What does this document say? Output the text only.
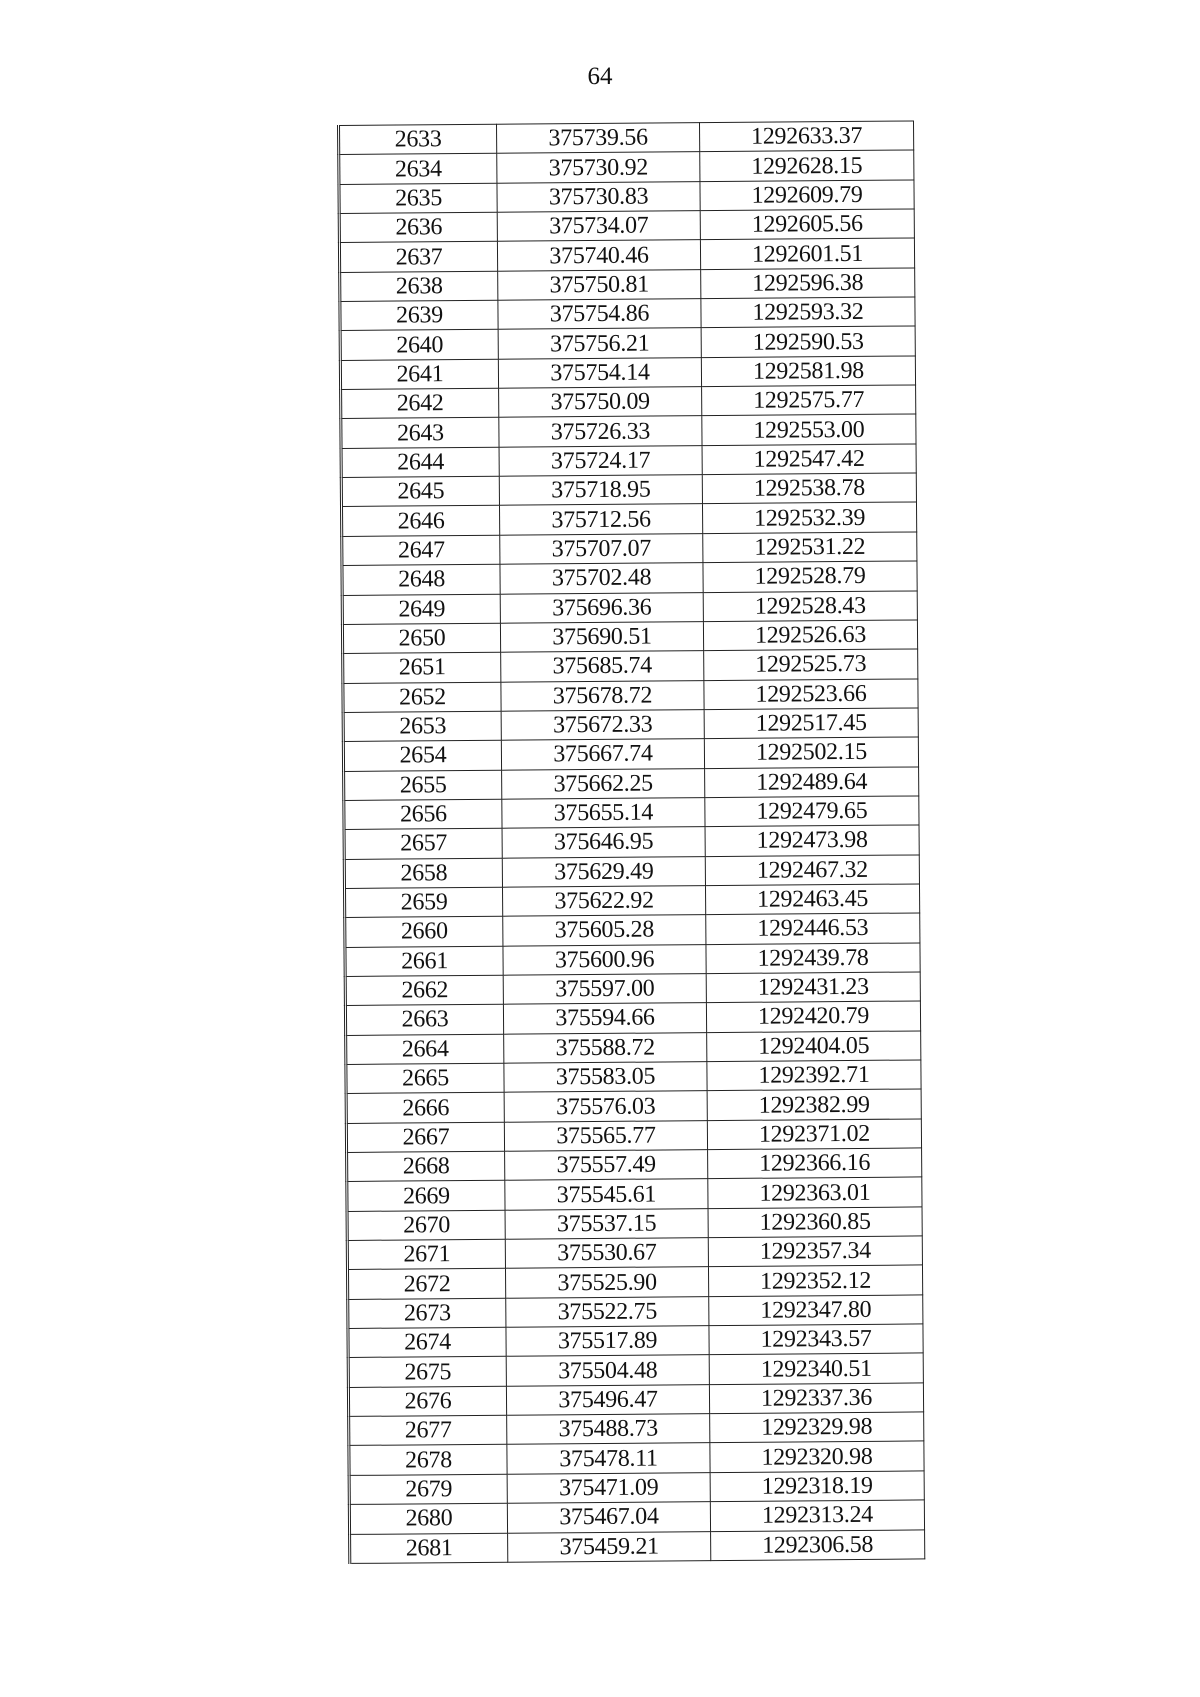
64
2633	375739.56	1292633.37
2634	375730.92	1292628.15
2635	375730.83	1292609.79
2636	375734.07	1292605.56
2637	375740.46	1292601.51
2638	375750.81	1292596.38
2639	375754.86	1292593.32
2640	375756.21	1292590.53
2641	375754.14	1292581.98
2642	375750.09	1292575.77
2643	375726.33	1292553.00
2644	375724.17	1292547.42
2645	375718.95	1292538.78
2646	375712.56	1292532.39
2647	375707.07	1292531.22
2648	375702.48	1292528.79
2649	375696.36	1292528.43
2650	375690.51	1292526.63
2651	375685.74	1292525.73
2652	375678.72	1292523.66
2653	375672.33	1292517.45
2654	375667.74	1292502.15
2655	375662.25	1292489.64
2656	375655.14	1292479.65
2657	375646.95	1292473.98
2658	375629.49	1292467.32
2659	375622.92	1292463.45
2660	375605.28	1292446.53
2661	375600.96	1292439.78
2662	375597.00	1292431.23
2663	375594.66	1292420.79
2664	375588.72	1292404.05
2665	375583.05	1292392.71
2666	375576.03	1292382.99
2667	375565.77	1292371.02
2668	375557.49	1292366.16
2669	375545.61	1292363.01
2670	375537.15	1292360.85
2671	375530.67	1292357.34
2672	375525.90	1292352.12
2673	375522.75	1292347.80
2674	375517.89	1292343.57
2675	375504.48	1292340.51
2676	375496.47	1292337.36
2677	375488.73	1292329.98
2678	375478.11	1292320.98
2679	375471.09	1292318.19
2680	375467.04	1292313.24
2681	375459.21	1292306.58
